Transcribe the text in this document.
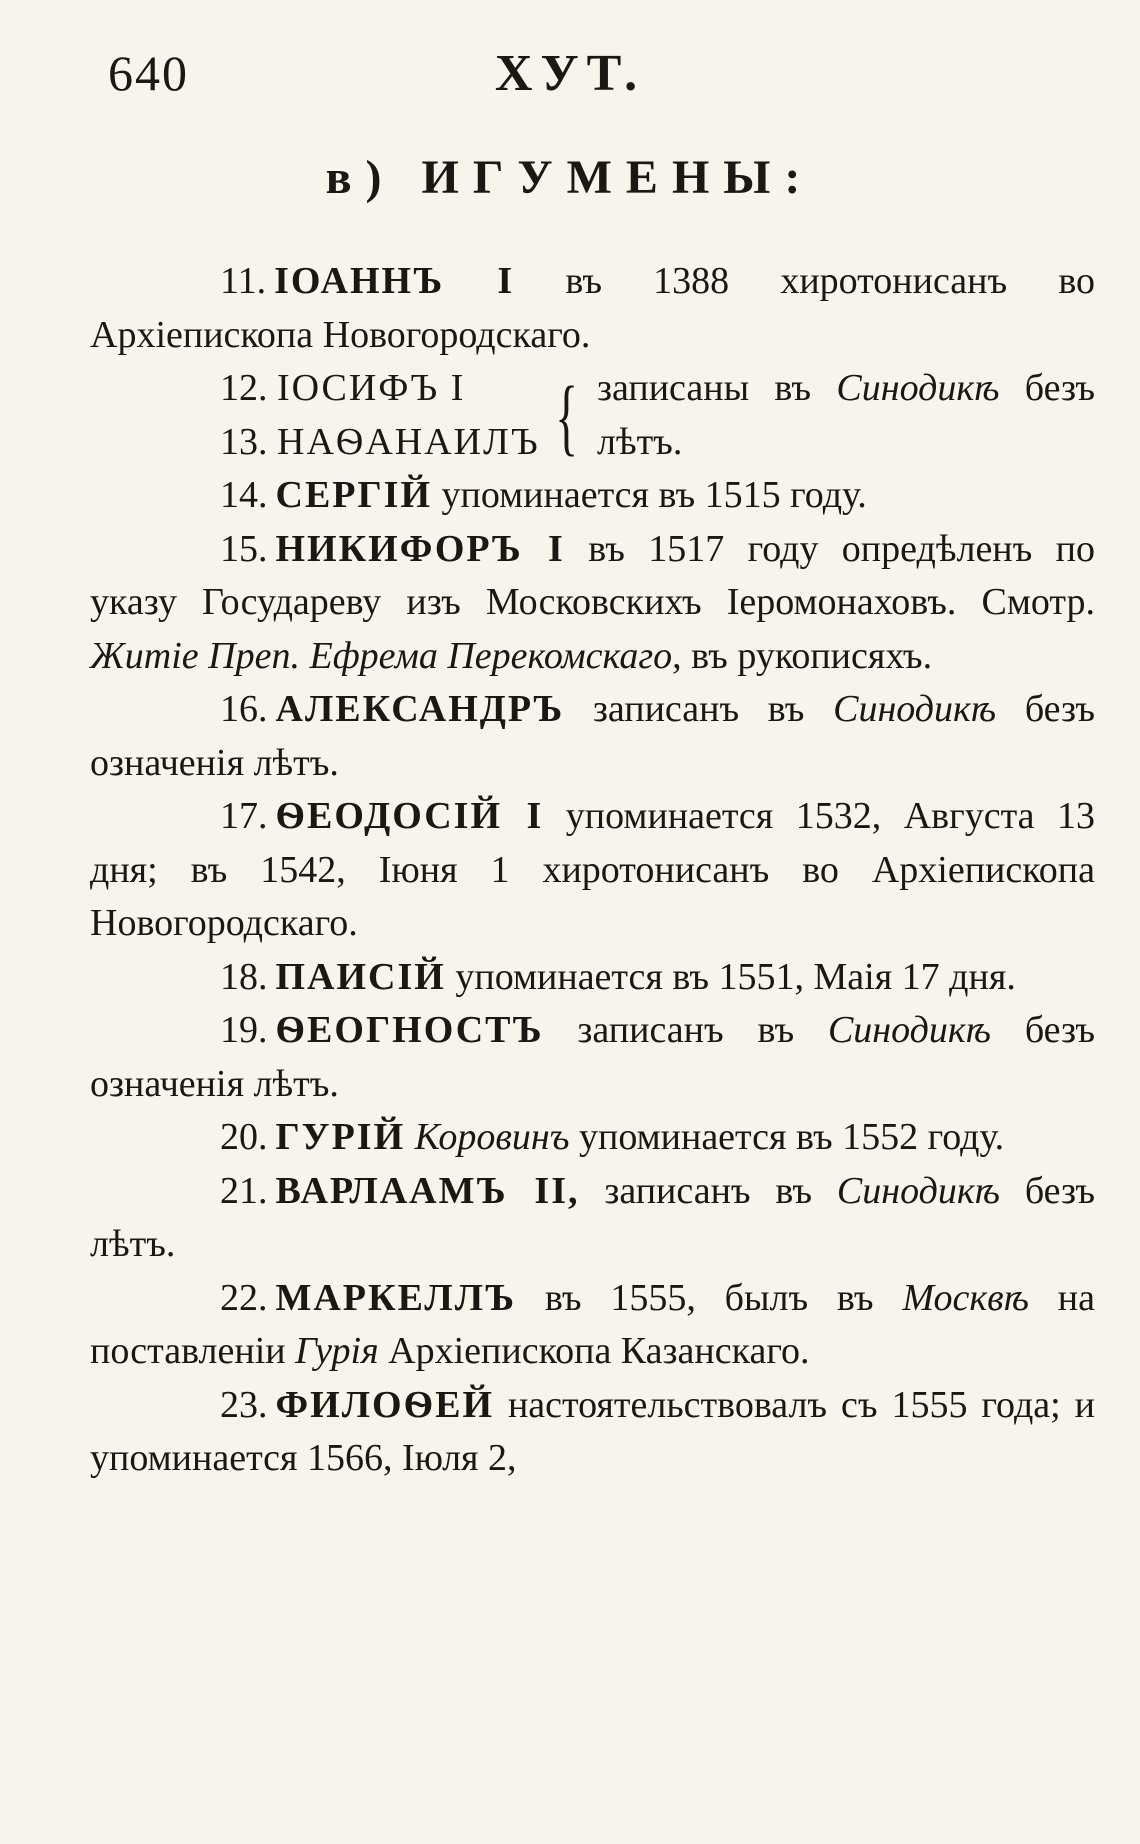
640	ХУТ.
в) ИГУМЕНЫ:

11. ІОАННЪ I въ 1388 хиротонисанъ во Архіепископа Новогородскаго.

12. ІОСИФЪ I
13. НАѲАНАИЛЪ { записаны въ Синодикѣ безъ лѣтъ.

14. СЕРГІЙ упоминается въ 1515 году.

15. НИКИФОРЪ I въ 1517 году опредѣленъ по указу Государеву изъ Московскихъ Іеромонаховъ. Смотр. Житіе Преп. Ефрема Перекомскаго, въ рукописяхъ.

16. АЛЕКСАНДРЪ записанъ въ Синодикѣ безъ означенія лѣтъ.

17. ѲЕОДОСІЙ I упоминается 1532, Августа 13 дня; въ 1542, Іюня 1 хиротонисанъ во Архіепископа Новогородскаго.

18. ПАИСІЙ упоминается въ 1551, Маія 17 дня.

19. ѲЕОГНОСТЪ записанъ въ Синодикѣ безъ означенія лѣтъ.

20. ГУРІЙ Коровинъ упоминается въ 1552 году.

21. ВАРЛААМЪ II, записанъ въ Синодикѣ безъ лѣтъ.

22. МАРКЕЛЛЪ въ 1555, былъ въ Москвѣ на поставленіи Гурія Архіепископа Казанскаго.

23. ФИЛОѲЕЙ настоятельствовалъ съ 1555 года; и упоминается 1566, Іюля 2,
